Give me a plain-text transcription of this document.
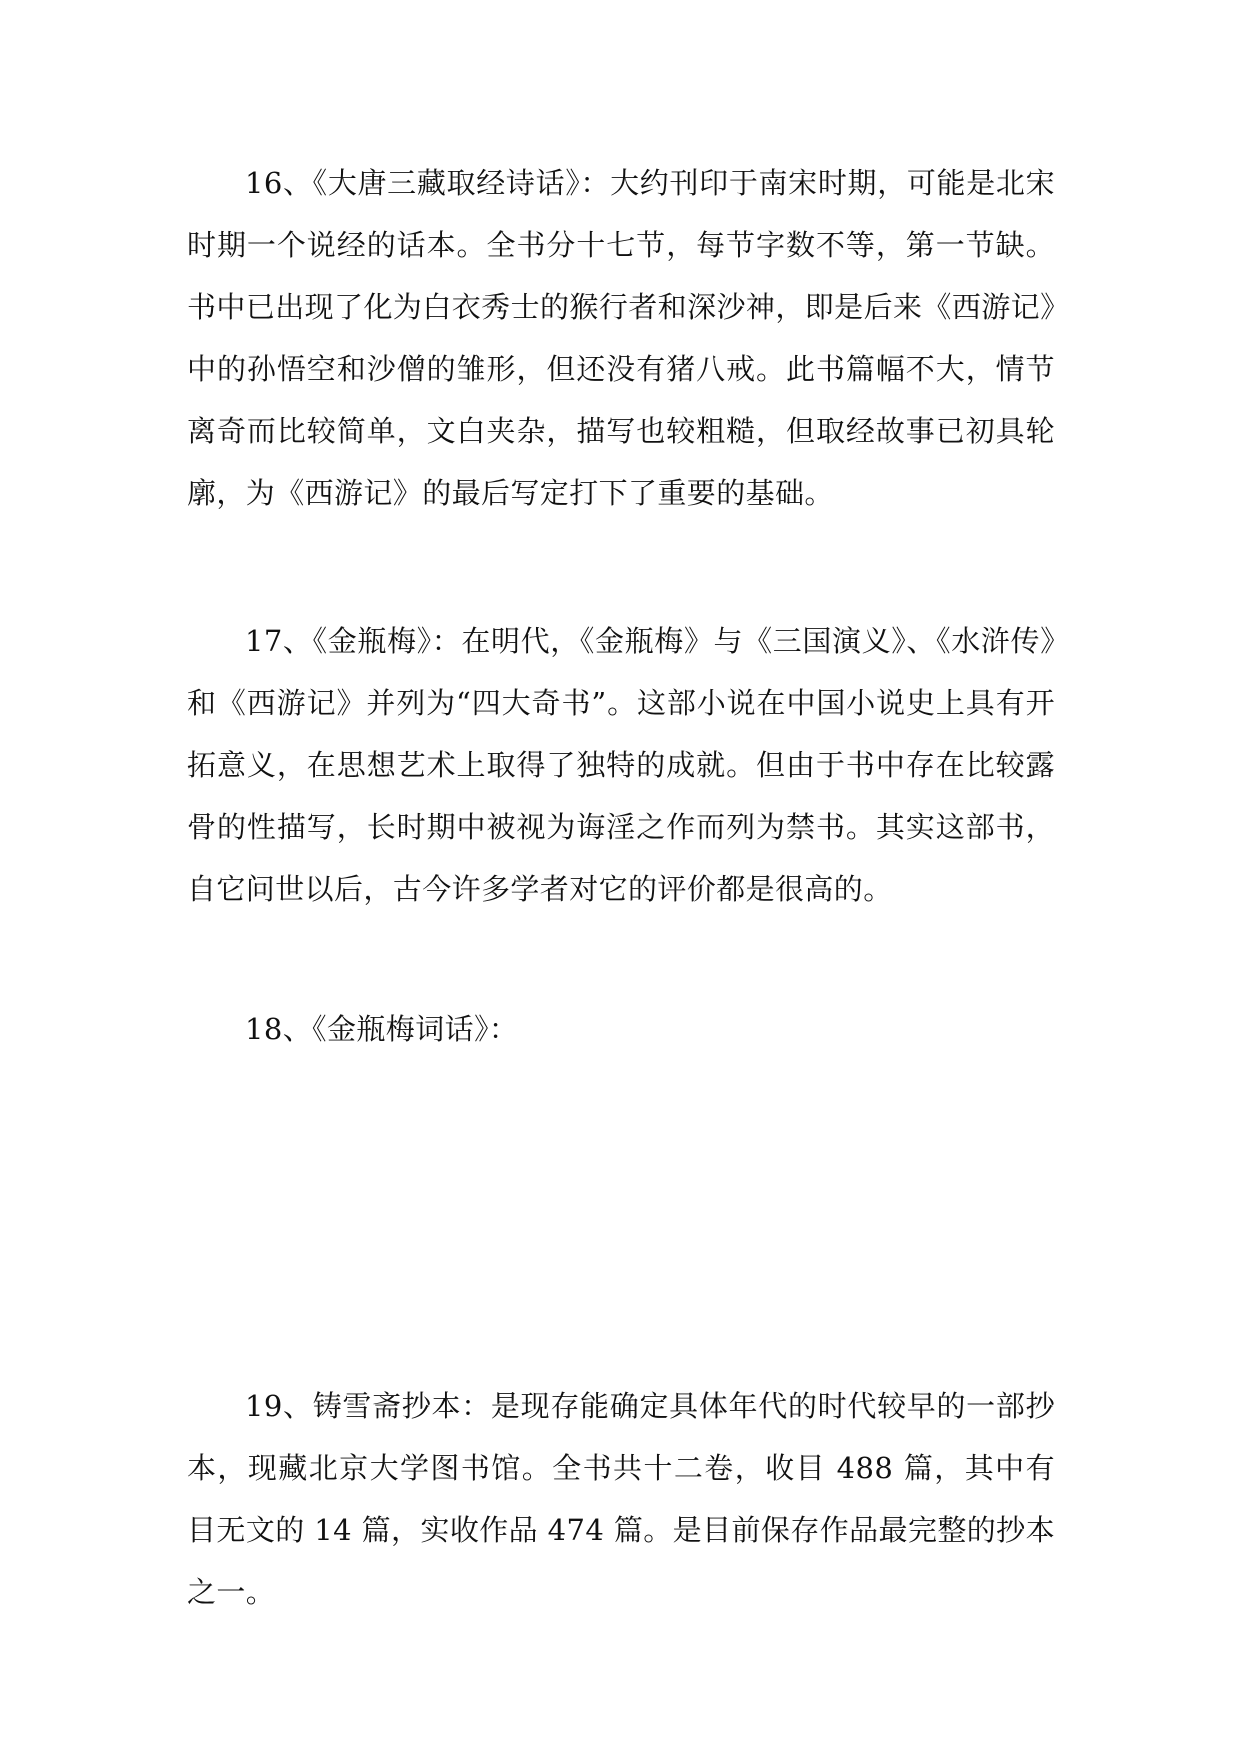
16、《大唐三藏取经诗话》：大约刊印于南宋时期，可能是北宋时期一个说经的话本。全书分十七节，每节字数不等，第一节缺。书中已出现了化为白衣秀士的猴行者和深沙神，即是后来《西游记》中的孙悟空和沙僧的雏形，但还没有猪八戒。此书篇幅不大，情节离奇而比较简单，文白夹杂，描写也较粗糙，但取经故事已初具轮廓，为《西游记》的最后写定打下了重要的基础。

17、《金瓶梅》：在明代，《金瓶梅》与《三国演义》、《水浒传》和《西游记》并列为“四大奇书”。这部小说在中国小说史上具有开拓意义，在思想艺术上取得了独特的成就。但由于书中存在比较露骨的性描写，长时期中被视为诲淫之作而列为禁书。其实这部书，自它问世以后，古今许多学者对它的评价都是很高的。

18、《金瓶梅词话》：

19、铸雪斋抄本：是现存能确定具体年代的时代较早的一部抄本，现藏北京大学图书馆。全书共十二卷，收目 488 篇，其中有目无文的 14 篇，实收作品 474 篇。是目前保存作品最完整的抄本之一。
